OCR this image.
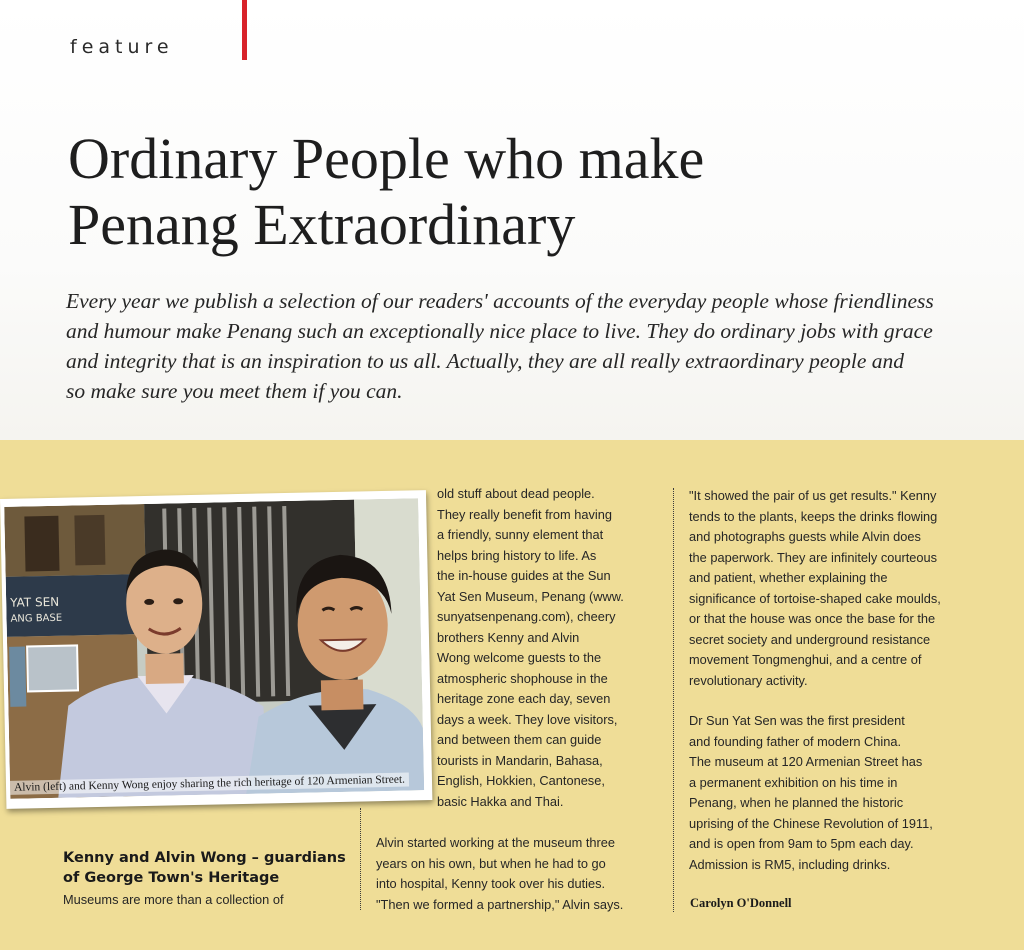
feature
Ordinary People who make
Penang Extraordinary
Every year we publish a selection of our readers' accounts of the everyday people whose friendliness
and humour make Penang such an exceptionally nice place to live. They do ordinary jobs with grace
and integrity that is an inspiration to us all. Actually, they are all really extraordinary people and
so make sure you meet them if you can.
YAT SEN
ANG BASE
Alvin (left) and Kenny Wong enjoy sharing the rich heritage of 120 Armenian Street.
Kenny and Alvin Wong – guardians of George Town's Heritage

Museums are more than a collection of

old stuff about dead people.

They really benefit from having

a friendly, sunny element that

helps bring history to life. As

the in-house guides at the Sun

Yat Sen Museum, Penang (www.

sunyatsenpenang.com), cheery

brothers Kenny and Alvin

Wong welcome guests to the

atmospheric shophouse in the

heritage zone each day, seven

days a week. They love visitors,

and between them can guide

tourists in Mandarin, Bahasa,

English, Hokkien, Cantonese,

basic Hakka and Thai.

Alvin started working at the museum three

years on his own, but when he had to go

into hospital, Kenny took over his duties.

"Then we formed a partnership," Alvin says.

"It showed the pair of us get results." Kenny

tends to the plants, keeps the drinks flowing

and photographs guests while Alvin does

the paperwork. They are infinitely courteous

and patient, whether explaining the

significance of tortoise-shaped cake moulds,

or that the house was once the base for the

secret society and underground resistance

movement Tongmenghui, and a centre of

revolutionary activity.

Dr Sun Yat Sen was the first president

and founding father of modern China.

The museum at 120 Armenian Street has

a permanent exhibition on his time in

Penang, when he planned the historic

uprising of the Chinese Revolution of 1911,

and is open from 9am to 5pm each day.

Admission is RM5, including drinks.

Carolyn O'Donnell
